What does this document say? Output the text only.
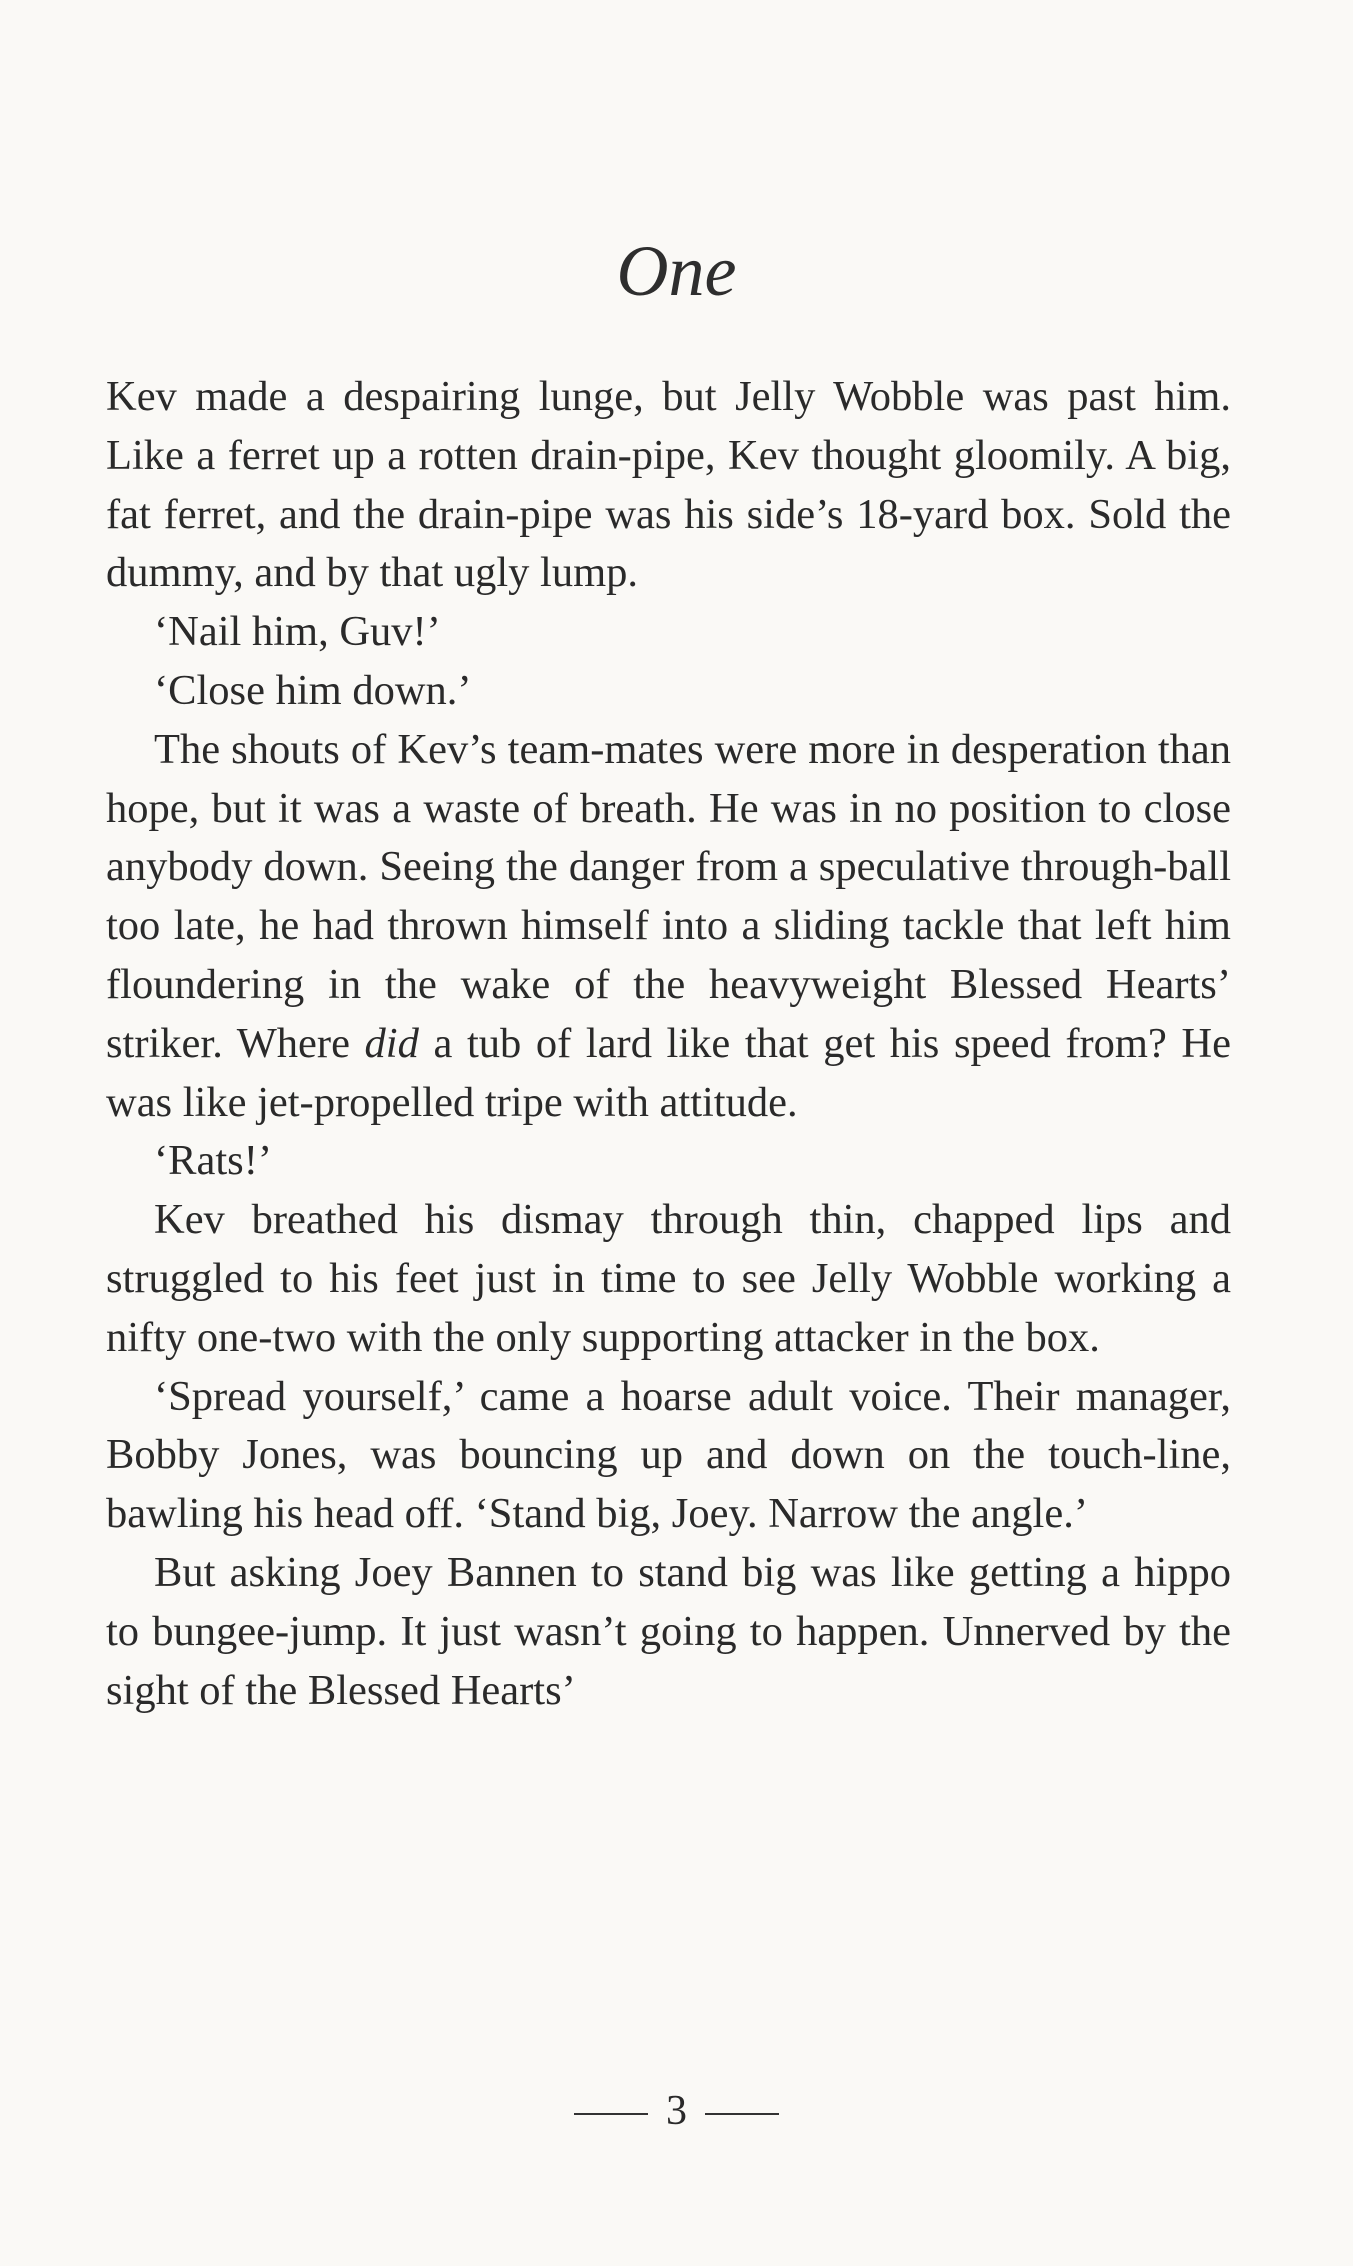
One

Kev made a despairing lunge, but Jelly Wobble was past him. Like a ferret up a rotten drain-pipe, Kev thought gloomily. A big, fat ferret, and the drain-pipe was his side’s 18-yard box. Sold the dummy, and by that ugly lump.

‘Nail him, Guv!’

‘Close him down.’

The shouts of Kev’s team-mates were more in desperation than hope, but it was a waste of breath. He was in no position to close anybody down. Seeing the danger from a speculative through-ball too late, he had thrown himself into a sliding tackle that left him floundering in the wake of the heavyweight Blessed Hearts’ striker. Where did a tub of lard like that get his speed from? He was like jet-propelled tripe with attitude.

‘Rats!’

Kev breathed his dismay through thin, chapped lips and struggled to his feet just in time to see Jelly Wobble working a nifty one-two with the only supporting attacker in the box.

‘Spread yourself,’ came a hoarse adult voice. Their manager, Bobby Jones, was bouncing up and down on the touch-line, bawling his head off. ‘Stand big, Joey. Narrow the angle.’

But asking Joey Bannen to stand big was like getting a hippo to bungee-jump. It just wasn’t going to happen. Unnerved by the sight of the Blessed Hearts’

3
